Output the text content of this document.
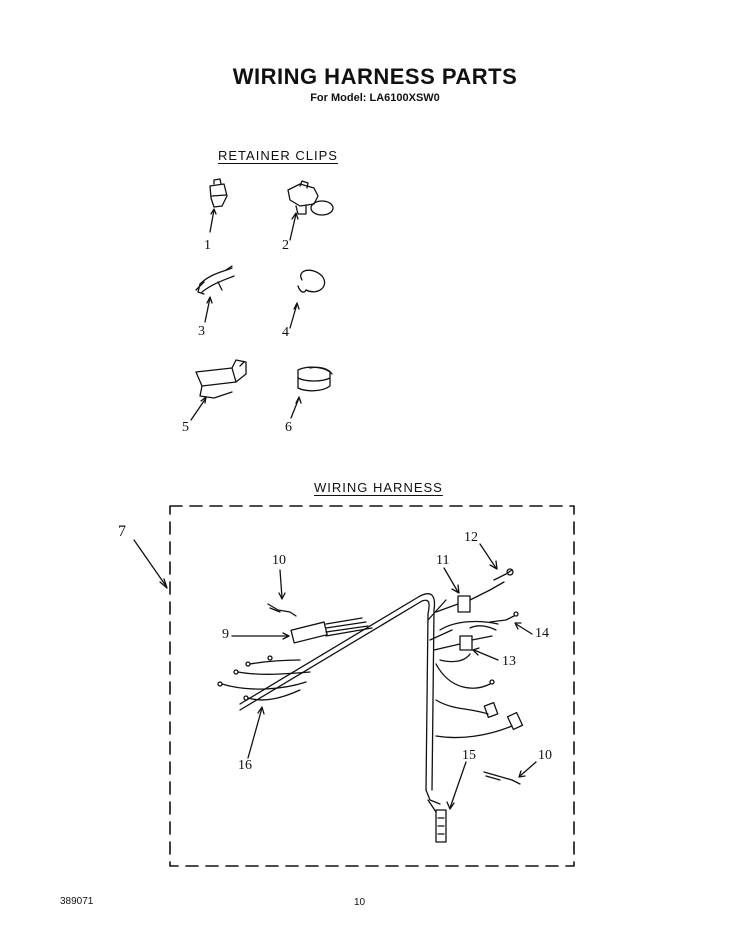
WIRING HARNESS PARTS
For Model: LA6100XSW0
RETAINER CLIPS
WIRING HARNESS
1	2
3	4
5	6
7
10
9
11
12
14
13
16
15	10
389071	10
